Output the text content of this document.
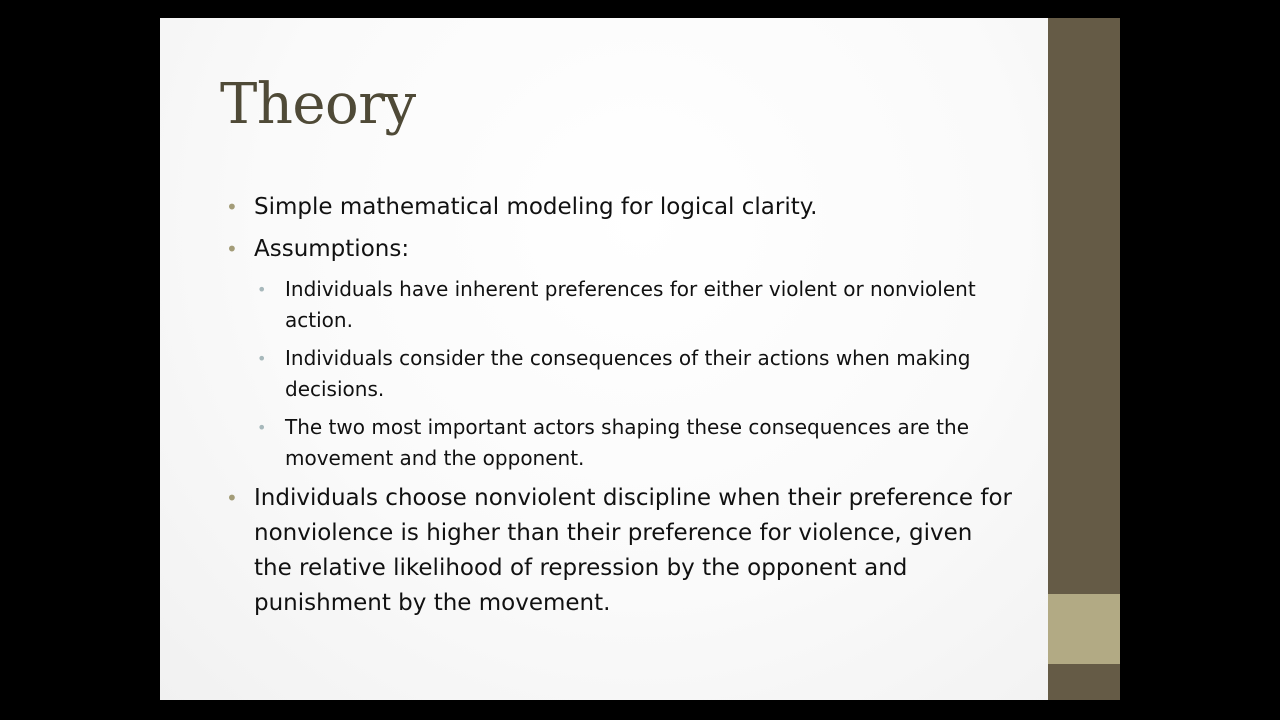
Theory
• Simple mathematical modeling for logical clarity.
• Assumptions:
• Individuals have inherent preferences for either violent or nonviolent action.
• Individuals consider the consequences of their actions when making decisions.
• The two most important actors shaping these consequences are the movement and the opponent.
• Individuals choose nonviolent discipline when their preference for nonviolence is higher than their preference for violence, given the relative likelihood of repression by the opponent and punishment by the movement.
